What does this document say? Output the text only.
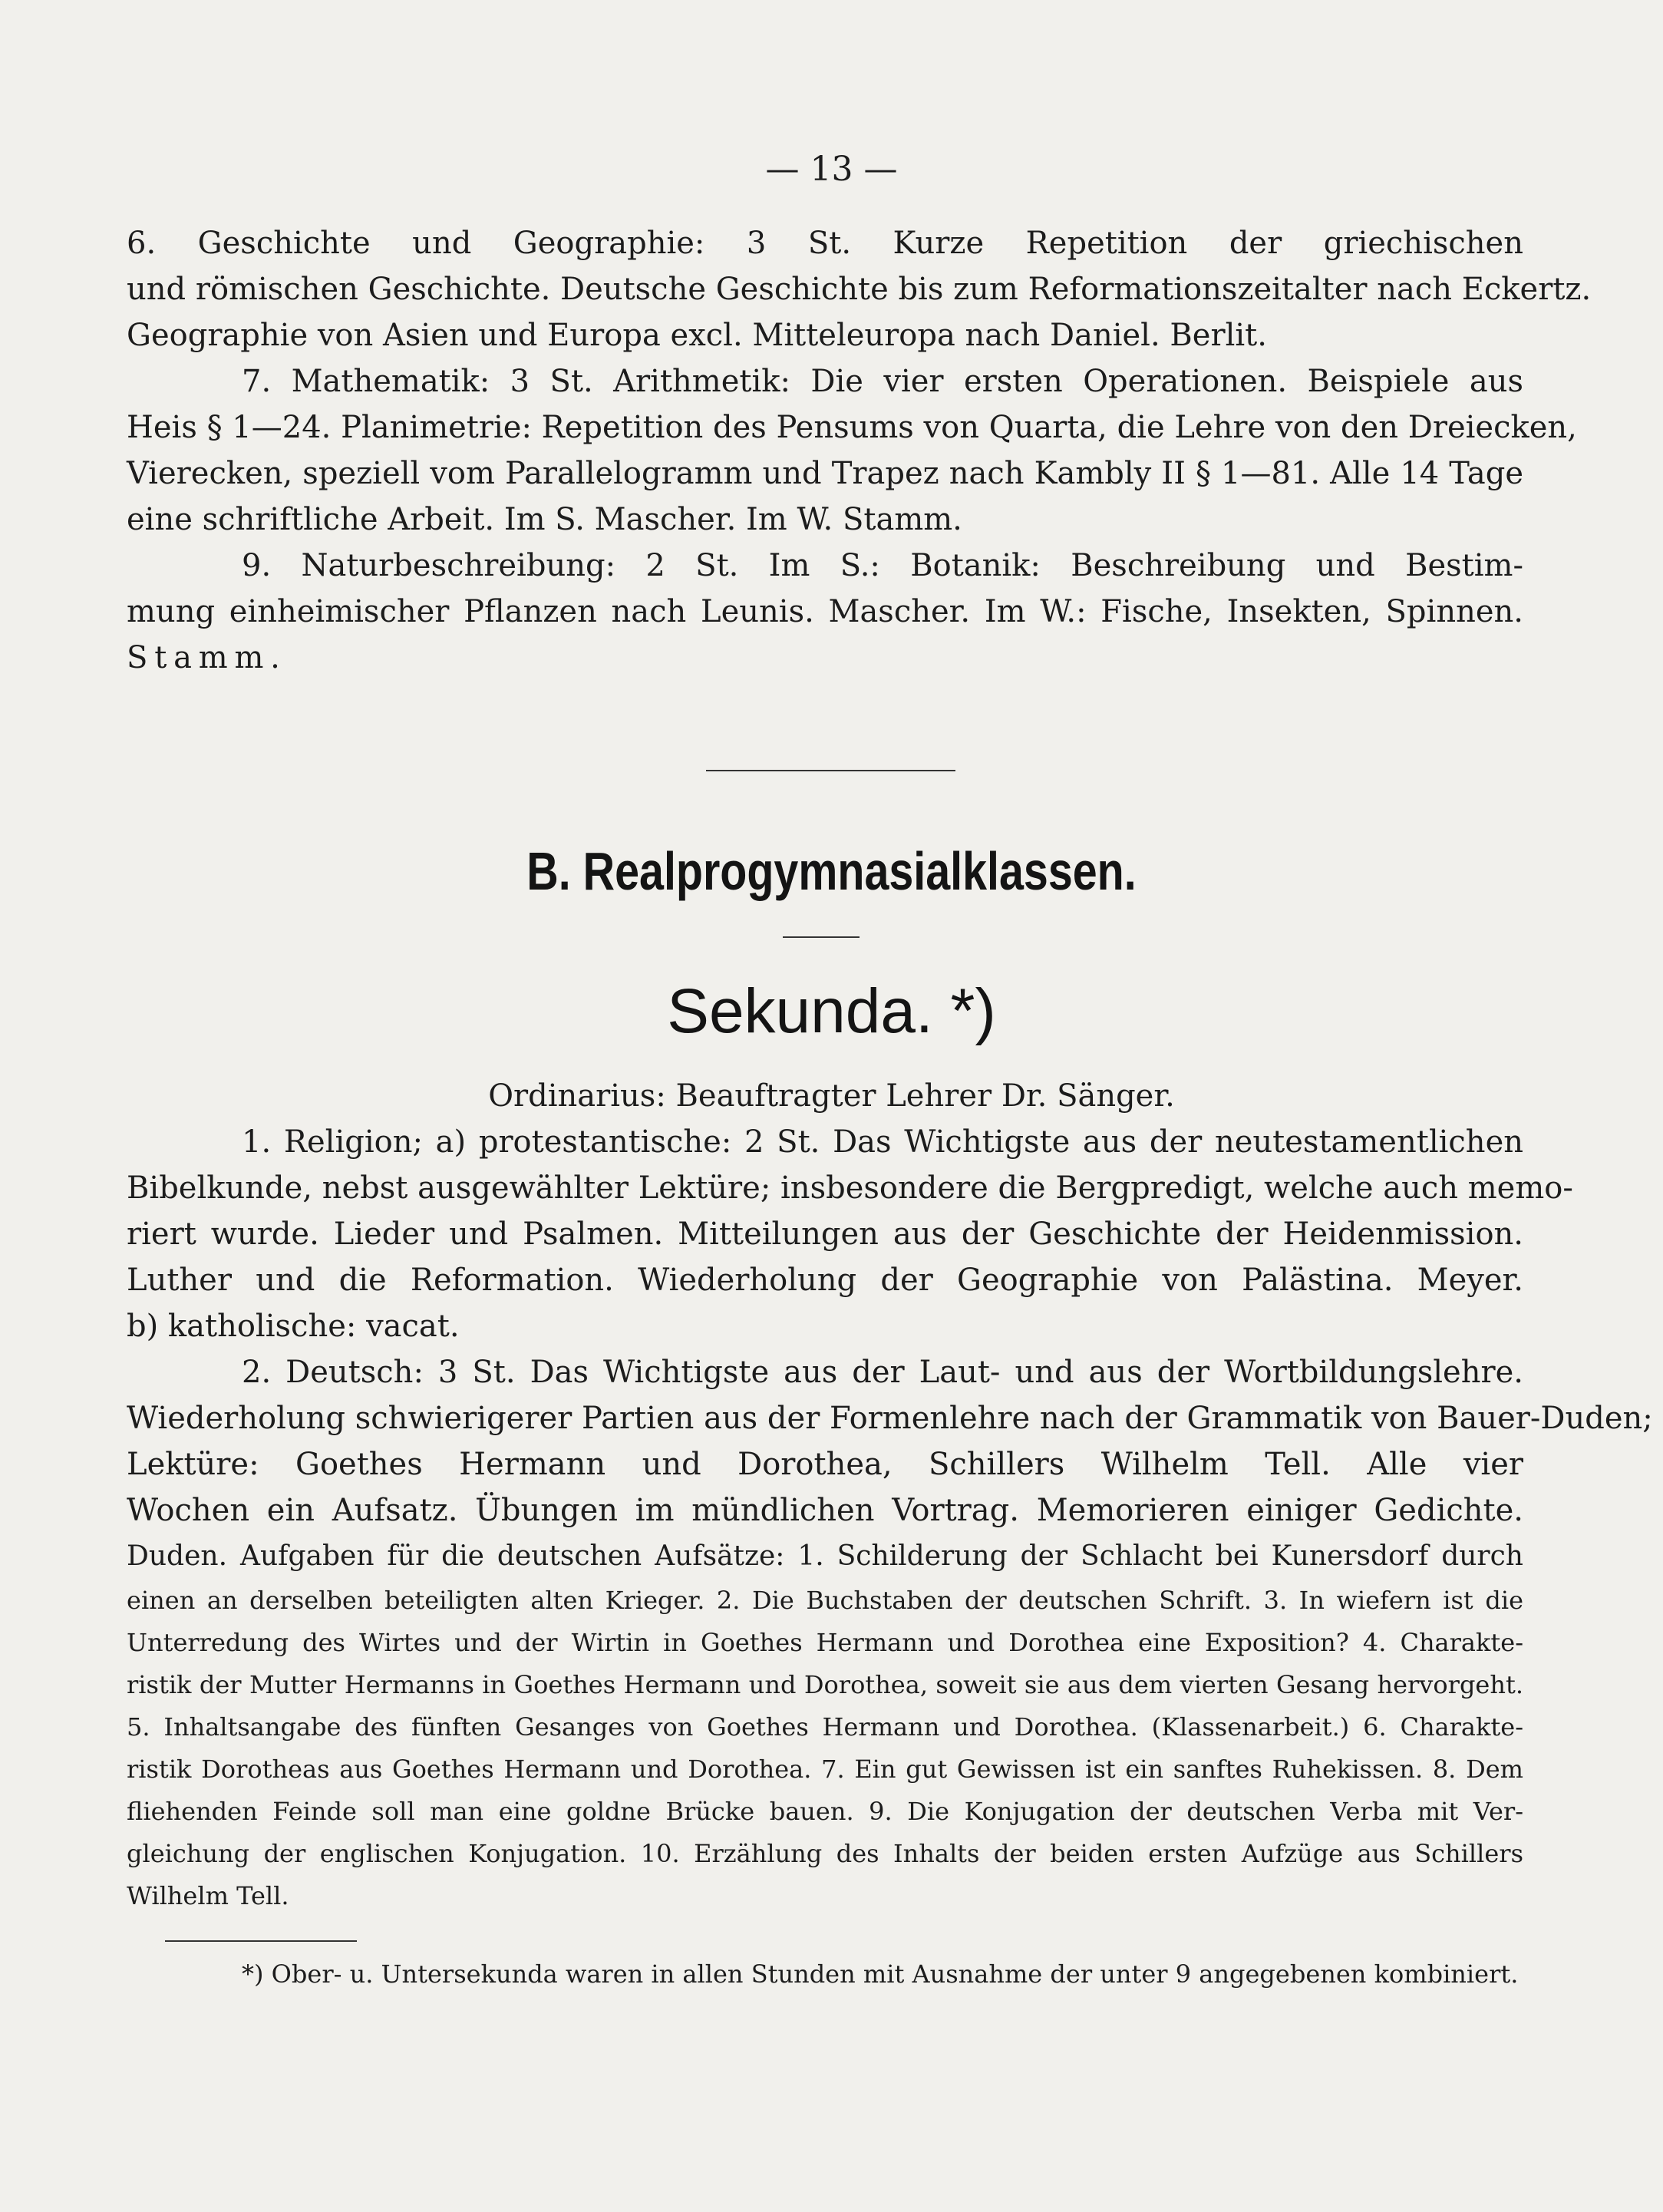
— 13 —
6. Geschichte und Geographie: 3 St. Kurze Repetition der griechischen
und römischen Geschichte. Deutsche Geschichte bis zum Reformationszeitalter nach Eckertz.
Geographie von Asien und Europa excl. Mitteleuropa nach Daniel. Berlit.
7. Mathematik: 3 St. Arithmetik: Die vier ersten Operationen. Beispiele aus
Heis § 1—24. Planimetrie: Repetition des Pensums von Quarta, die Lehre von den Dreiecken,
Vierecken, speziell vom Parallelogramm und Trapez nach Kambly II § 1—81. Alle 14 Tage
eine schriftliche Arbeit. Im S. Mascher. Im W. Stamm.
9. Naturbeschreibung: 2 St. Im S.: Botanik: Beschreibung und Bestim-
mung einheimischer Pflanzen nach Leunis. Mascher. Im W.: Fische, Insekten, Spinnen.
Stamm.
B. Realprogymnasialklassen.
Sekunda. *)
Ordinarius: Beauftragter Lehrer Dr. Sänger.
1. Religion; a) protestantische: 2 St. Das Wichtigste aus der neutestamentlichen
Bibelkunde, nebst ausgewählter Lektüre; insbesondere die Bergpredigt, welche auch memo-
riert wurde. Lieder und Psalmen. Mitteilungen aus der Geschichte der Heidenmission.
Luther und die Reformation. Wiederholung der Geographie von Palästina. Meyer.
b) katholische: vacat.
2. Deutsch: 3 St. Das Wichtigste aus der Laut- und aus der Wortbildungslehre.
Wiederholung schwierigerer Partien aus der Formenlehre nach der Grammatik von Bauer-Duden;
Lektüre: Goethes Hermann und Dorothea, Schillers Wilhelm Tell. Alle vier
Wochen ein Aufsatz. Übungen im mündlichen Vortrag. Memorieren einiger Gedichte.
Duden. Aufgaben für die deutschen Aufsätze: 1. Schilderung der Schlacht bei Kunersdorf durch
einen an derselben beteiligten alten Krieger. 2. Die Buchstaben der deutschen Schrift. 3. In wiefern ist die
Unterredung des Wirtes und der Wirtin in Goethes Hermann und Dorothea eine Exposition? 4. Charakte-
ristik der Mutter Hermanns in Goethes Hermann und Dorothea, soweit sie aus dem vierten Gesang hervorgeht.
5. Inhaltsangabe des fünften Gesanges von Goethes Hermann und Dorothea. (Klassenarbeit.) 6. Charakte-
ristik Dorotheas aus Goethes Hermann und Dorothea. 7. Ein gut Gewissen ist ein sanftes Ruhekissen. 8. Dem
fliehenden Feinde soll man eine goldne Brücke bauen. 9. Die Konjugation der deutschen Verba mit Ver-
gleichung der englischen Konjugation. 10. Erzählung des Inhalts der beiden ersten Aufzüge aus Schillers
Wilhelm Tell.
*) Ober- u. Untersekunda waren in allen Stunden mit Ausnahme der unter 9 angegebenen kombiniert.
